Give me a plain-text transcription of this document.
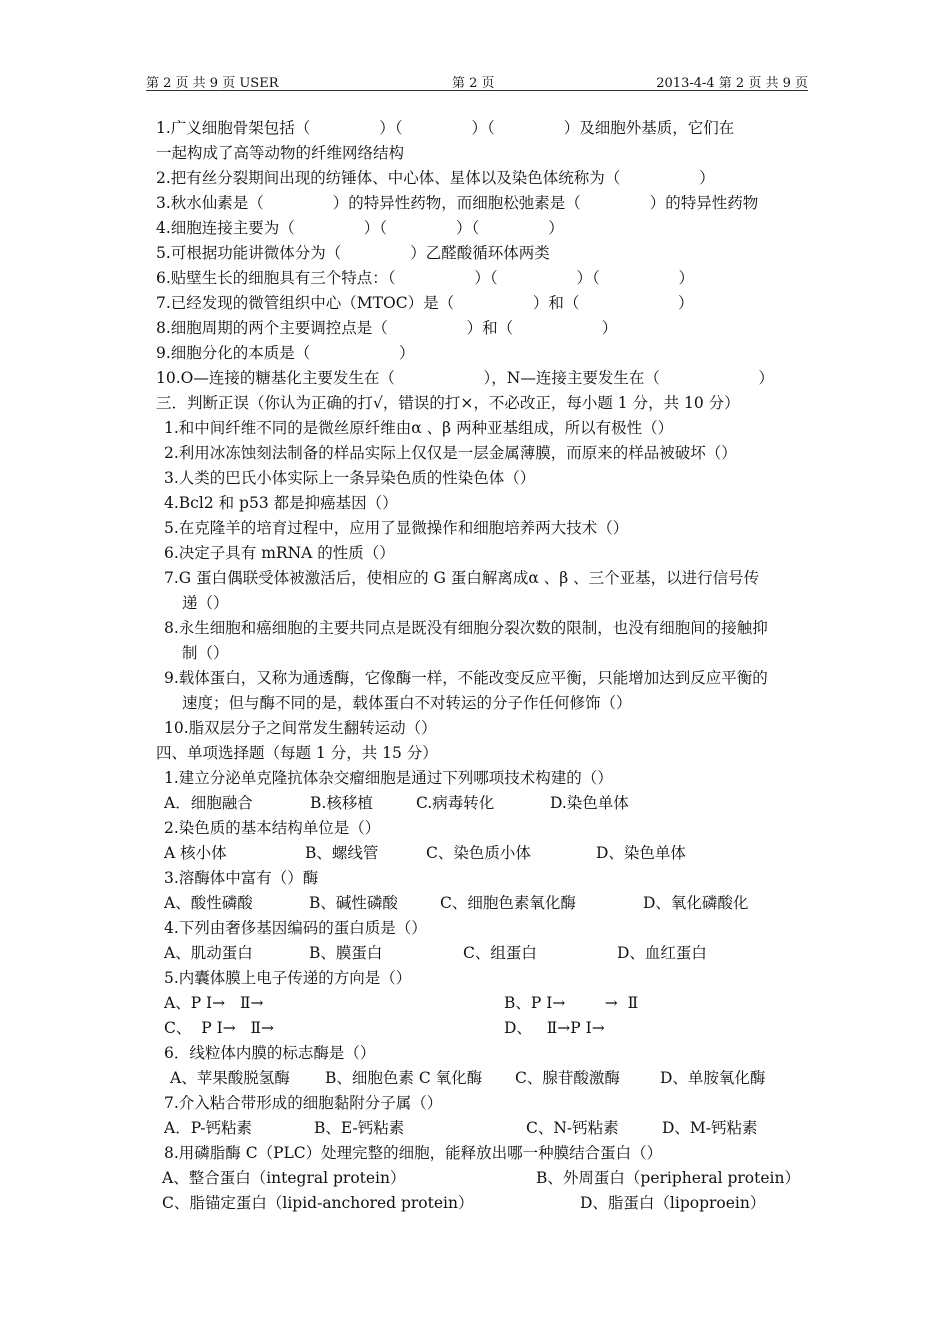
第 2 页 共 9 页 USER	第 2 页	2013-4-4 第 2 页 共 9 页
1.广义细胞骨架包括（              ）（              ）（              ）及细胞外基质，它们在
一起构成了高等动物的纤维网络结构
2.把有丝分裂期间出现的纺锤体、中心体、星体以及染色体统称为（                ）
3.秋水仙素是（              ）的特异性药物，而细胞松弛素是（              ）的特异性药物
4.细胞连接主要为（              ）（              ）（              ）
5.可根据功能讲微体分为（              ）乙醛酸循环体两类
6.贴壁生长的细胞具有三个特点：（                ）（                ）（                ）
7.已经发现的微管组织中心（MTOC）是（                ）和（                    ）
8.细胞周期的两个主要调控点是（                ）和（                  ）
9.细胞分化的本质是（                  ）
10.O—连接的糖基化主要发生在（                  ），N—连接主要发生在（                    ）
三．判断正误（你认为正确的打√，错误的打×，不必改正，每小题 1 分，共 10 分）
1.和中间纤维不同的是微丝原纤维由α 、β 两种亚基组成，所以有极性（）
2.利用冰冻蚀刻法制备的样品实际上仅仅是一层金属薄膜，而原来的样品被破坏（）
3.人类的巴氏小体实际上一条异染色质的性染色体（）
4.Bcl2 和 p53 都是抑癌基因（）
5.在克隆羊的培育过程中，应用了显微操作和细胞培养两大技术（）
6.决定子具有 mRNA 的性质（）
7.G 蛋白偶联受体被激活后，使相应的 G 蛋白解离成α 、β 、三个亚基，以进行信号传
递（）
8.永生细胞和癌细胞的主要共同点是既没有细胞分裂次数的限制，也没有细胞间的接触抑
制（）
9.载体蛋白，又称为通透酶，它像酶一样，不能改变反应平衡，只能增加达到反应平衡的
速度；但与酶不同的是，载体蛋白不对转运的分子作任何修饰（）
10.脂双层分子之间常发生翻转运动（）
四、单项选择题（每题 1 分，共 15 分）
1.建立分泌单克隆抗体杂交瘤细胞是通过下列哪项技术构建的（）
A．细胞融合	B.核移植	C.病毒转化	D.染色单体
2.染色质的基本结构单位是（）
A 核小体	B、螺线管	C、染色质小体	D、染色单体
3.溶酶体中富有（）酶
A、酸性磷酸	B、碱性磷酸	C、细胞色素氧化酶	D、氧化磷酸化
4.下列由奢侈基因编码的蛋白质是（）
A、肌动蛋白	B、膜蛋白	C、组蛋白	D、血红蛋白
5.内囊体膜上电子传递的方向是（）
A、P Ⅰ→   Ⅱ→	B、P Ⅰ→        →  Ⅱ
C、  P Ⅰ→   Ⅱ→	D、   Ⅱ→P Ⅰ→
6．线粒体内膜的标志酶是（）
A、苹果酸脱氢酶	B、细胞色素 C 氧化酶	C、腺苷酸激酶	D、单胺氧化酶
7.介入粘合带形成的细胞黏附分子属（）
A．P-钙粘素	B、E-钙粘素	C、N-钙粘素	D、M-钙粘素
8.用磷脂酶 C（PLC）处理完整的细胞，能释放出哪一种膜结合蛋白（）
A、整合蛋白（integral protein）	B、外周蛋白（peripheral protein）
C、脂锚定蛋白（lipid-anchored protein）	D、脂蛋白（lipoproein）
